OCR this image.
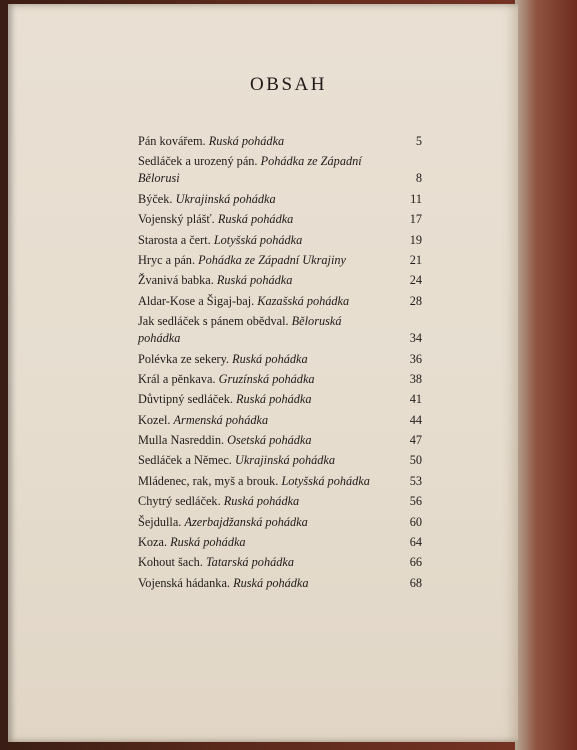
OBSAH
Pán kovářem. Ruská pohádka	5
Sedláček a urozený pán. Pohádka ze Západní
Bělorusi	8
Býček. Ukrajinská pohádka	11
Vojenský plášť. Ruská pohádka	17
Starosta a čert. Lotyšská pohádka	19
Hryc a pán. Pohádka ze Západní Ukrajiny	21
Žvanivá babka. Ruská pohádka	24
Aldar-Kose a Šigaj-baj. Kazašská pohádka	28
Jak sedláček s pánem obědval. Běloruská
pohádka	34
Polévka ze sekery. Ruská pohádka	36
Král a pěnkava. Gruzínská pohádka	38
Důvtipný sedláček. Ruská pohádka	41
Kozel. Armenská pohádka	44
Mulla Nasreddin. Osetská pohádka	47
Sedláček a Němec. Ukrajinská pohádka	50
Mládenec, rak, myš a brouk. Lotyšská pohádka	53
Chytrý sedláček. Ruská pohádka	56
Šejdulla. Azerbajdžanská pohádka	60
Koza. Ruská pohádka	64
Kohout šach. Tatarská pohádka	66
Vojenská hádanka. Ruská pohádka	68
